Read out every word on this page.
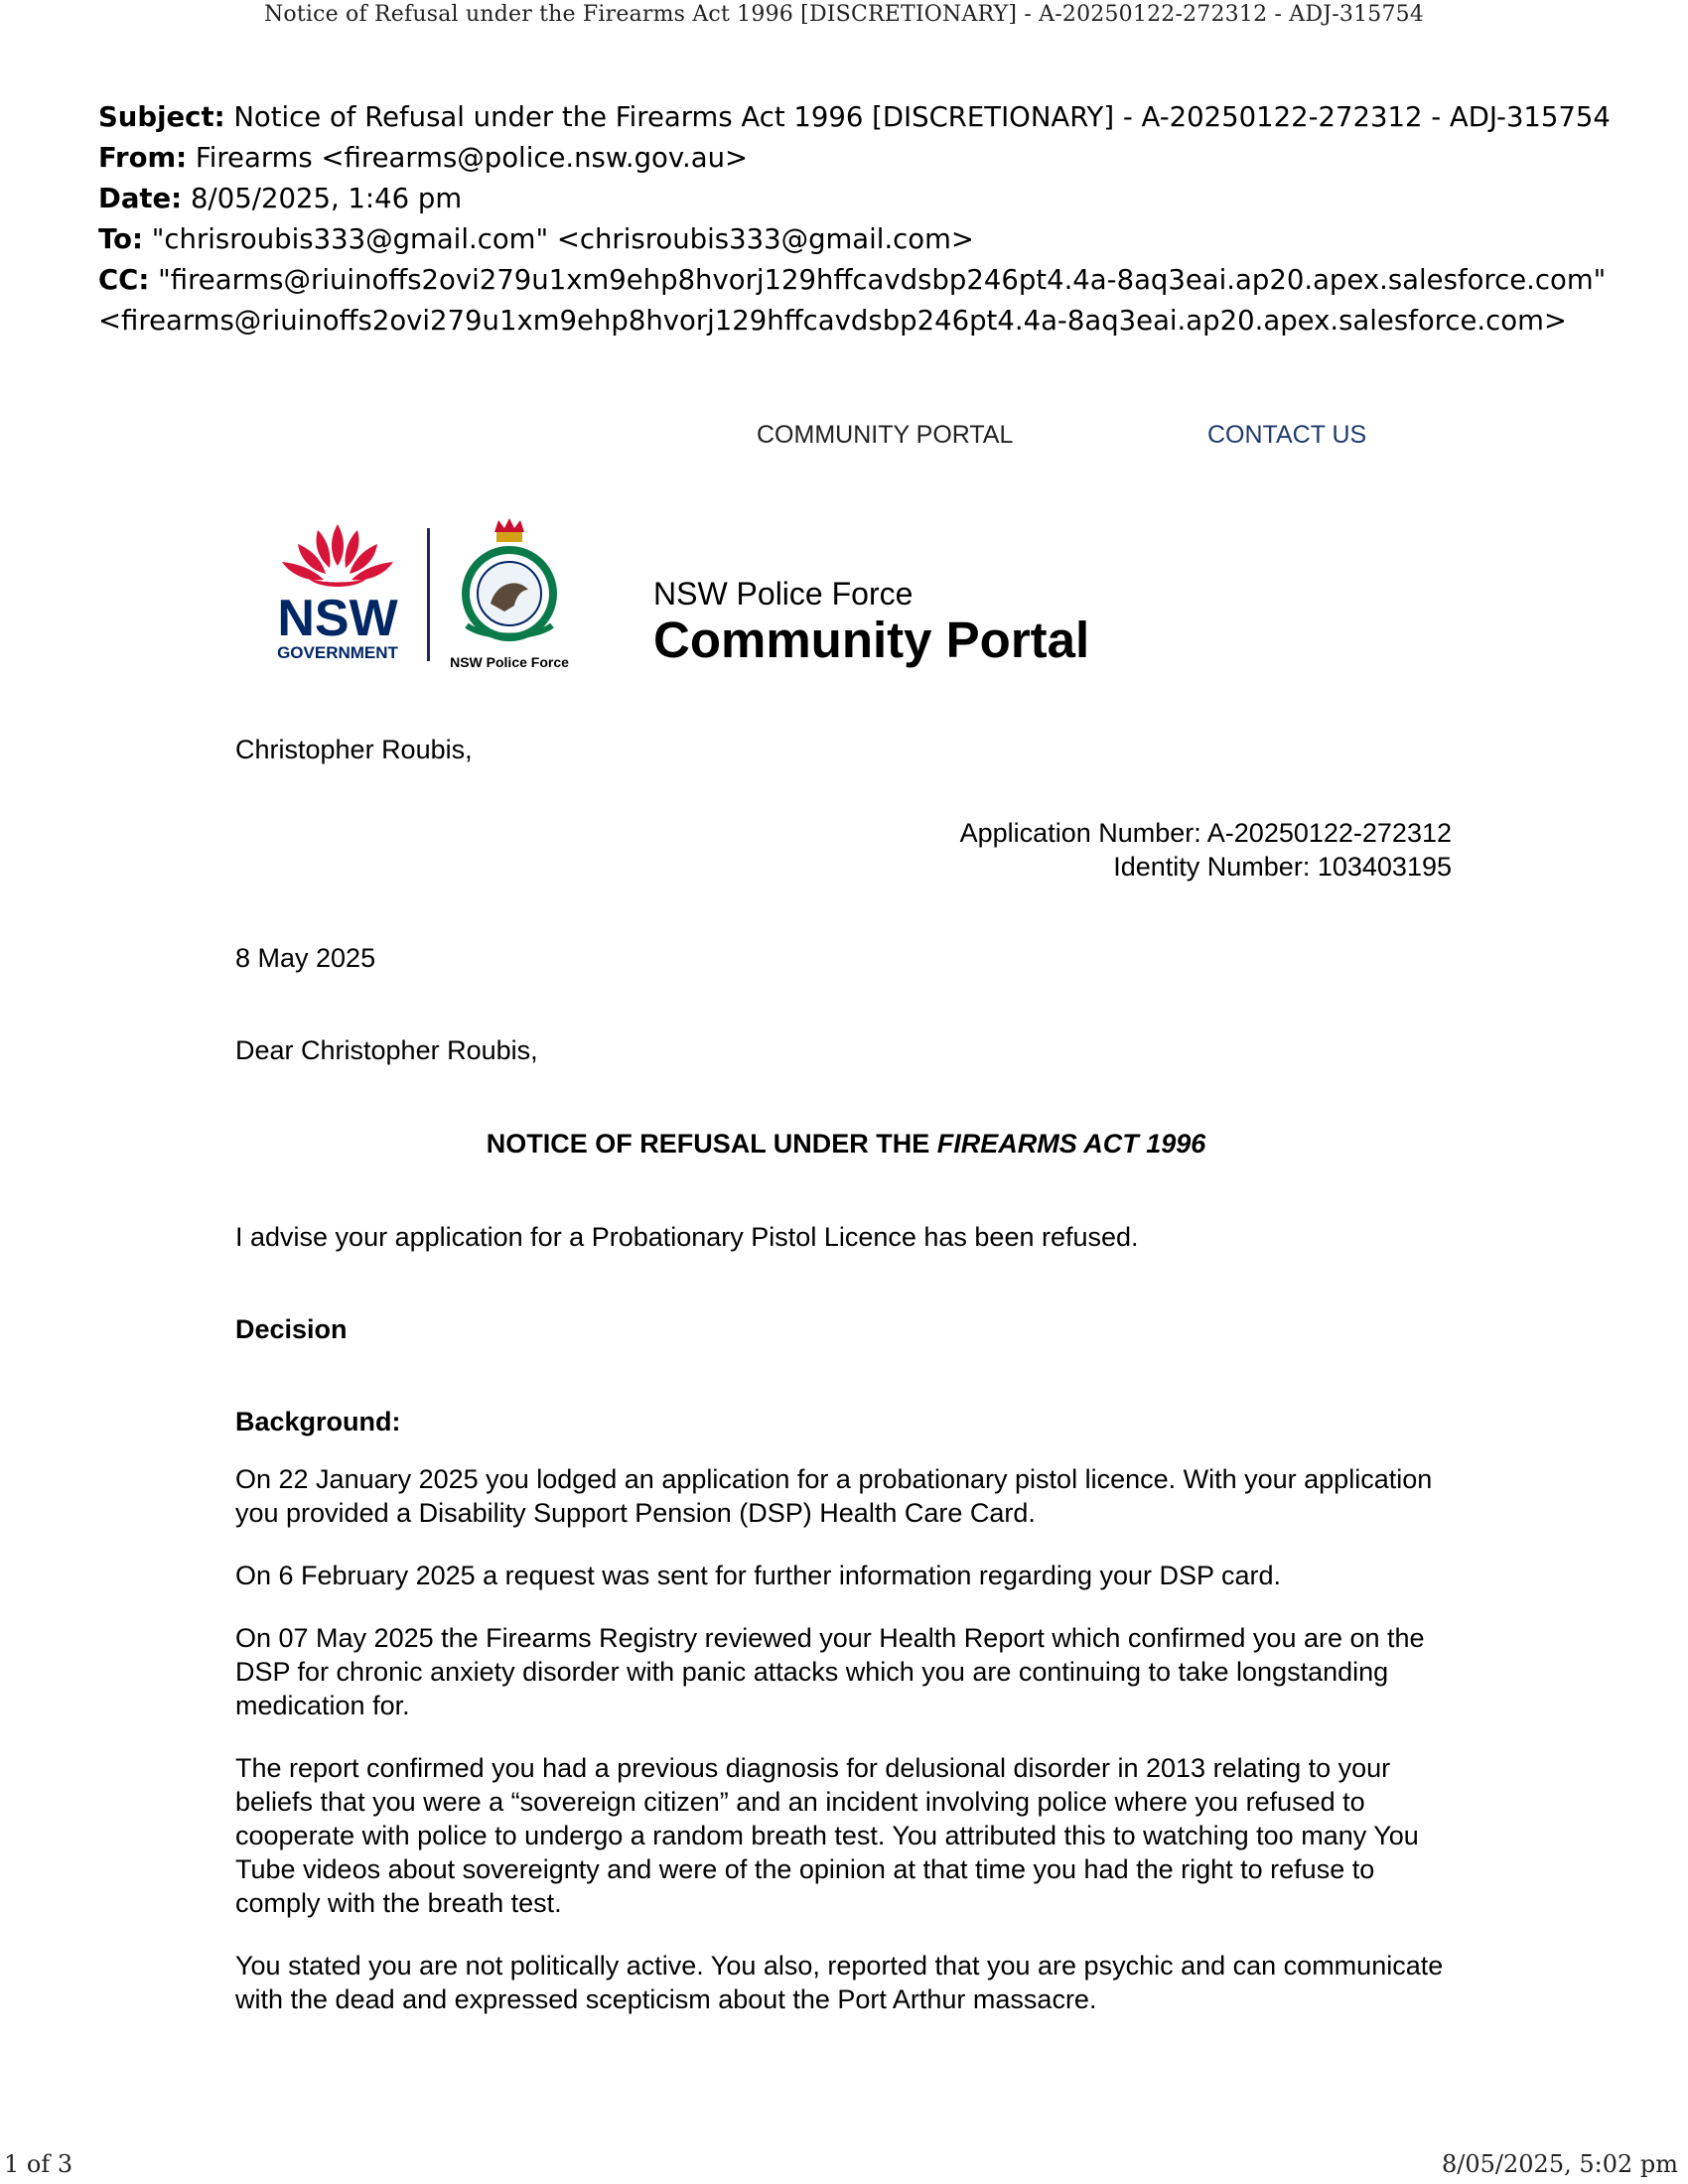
Notice of Refusal under the Firearms Act 1996 [DISCRETIONARY] - A-20250122-272312 - ADJ-315754
Subject: Notice of Refusal under the Firearms Act 1996 [DISCRETIONARY] - A-20250122-272312 - ADJ-315754
From: Firearms <firearms@police.nsw.gov.au>
Date: 8/05/2025, 1:46 pm
To: "chrisroubis333@gmail.com" <chrisroubis333@gmail.com>
CC: "firearms@riuinoffs2ovi279u1xm9ehp8hvorj129hffcavdsbp246pt4.4a-8aq3eai.ap20.apex.salesforce.com"
<firearms@riuinoffs2ovi279u1xm9ehp8hvorj129hffcavdsbp246pt4.4a-8aq3eai.ap20.apex.salesforce.com>
COMMUNITY PORTAL	CONTACT US
NSW
GOVERNMENT	NSW Police Force
NSW Police Force
Community Portal

Christopher Roubis,

Application Number: A-20250122-272312

Identity Number: 103403195

8 May 2025

Dear Christopher Roubis,

NOTICE OF REFUSAL UNDER THE FIREARMS ACT 1996

I advise your application for a Probationary Pistol Licence has been refused.

Decision

Background:

On 22 January 2025 you lodged an application for a probationary pistol licence. With your application you provided a Disability Support Pension (DSP) Health Care Card.

On 6 February 2025 a request was sent for further information regarding your DSP card.

On 07 May 2025 the Firearms Registry reviewed your Health Report which confirmed you are on the DSP for chronic anxiety disorder with panic attacks which you are continuing to take longstanding medication for.

The report confirmed you had a previous diagnosis for delusional disorder in 2013 relating to your beliefs that you were a “sovereign citizen” and an incident involving police where you refused to cooperate with police to undergo a random breath test. You attributed this to watching too many You Tube videos about sovereignty and were of the opinion at that time you had the right to refuse to comply with the breath test.

You stated you are not politically active. You also, reported that you are psychic and can communicate with the dead and expressed scepticism about the Port Arthur massacre.

1 of 3	8/05/2025, 5:02 pm
